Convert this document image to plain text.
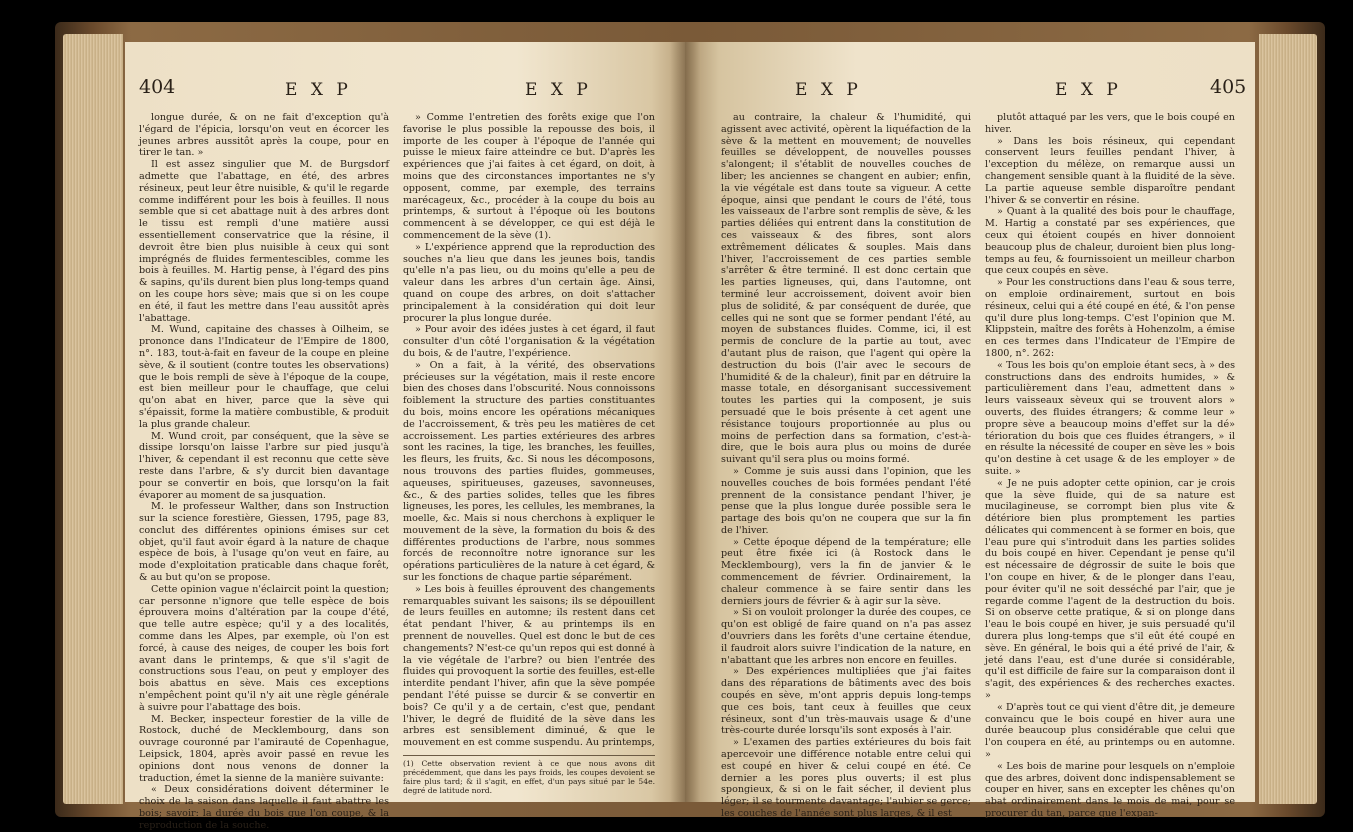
404	E X P	E X P

longue durée, & on ne fait d'exception qu'à l'égard de l'épicia, lorsqu'on veut en écorcer les jeunes arbres aussitôt après la coupe, pour en tirer le tan. »

Il est assez singulier que M. de Burgsdorf admette que l'abattage, en été, des arbres résineux, peut leur être nuisible, & qu'il le regarde comme indifférent pour les bois à feuilles. Il nous semble que si cet abattage nuit à des arbres dont le tissu est rempli d'une matière aussi essentiellement conservatrice que la résine, il devroit être bien plus nuisible à ceux qui sont imprégnés de fluides fermentescibles, comme les bois à feuilles. M. Hartig pense, à l'égard des pins & sapins, qu'ils durent bien plus long-temps quand on les coupe hors sève; mais que si on les coupe en été, il faut les mettre dans l'eau aussitôt après l'abattage.

M. Wund, capitaine des chasses à Oilheim, se prononce dans l'Indicateur de l'Empire de 1800, n°. 183, tout-à-fait en faveur de la coupe en pleine sève, & il soutient (contre toutes les observations) que le bois rempli de sève à l'époque de la coupe, est bien meilleur pour le chauffage, que celui qu'on abat en hiver, parce que la sève qui s'épaissit, forme la matière combustible, & produit la plus grande chaleur.

M. Wund croit, par conséquent, que la sève se dissipe lorsqu'on laisse l'arbre sur pied jusqu'à l'hiver, & cependant il est reconnu que cette sève reste dans l'arbre, & s'y durcit bien davantage pour se convertir en bois, que lorsqu'on la fait évaporer au moment de sa jusquation.

M. le professeur Walther, dans son Instruction sur la science forestière, Giessen, 1795, page 83, conclut des différentes opinions émises sur cet objet, qu'il faut avoir égard à la nature de chaque espèce de bois, à l'usage qu'on veut en faire, au mode d'exploitation praticable dans chaque forêt, & au but qu'on se propose.

Cette opinion vague n'éclaircit point la question; car personne n'ignore que telle espèce de bois éprouvera moins d'altération par la coupe d'été, que telle autre espèce; qu'il y a des localités, comme dans les Alpes, par exemple, où l'on est forcé, à cause des neiges, de couper les bois fort avant dans le printemps, & que s'il s'agit de constructions sous l'eau, on peut y employer des bois abattus en sève. Mais ces exceptions n'empêchent point qu'il n'y ait une règle générale à suivre pour l'abattage des bois.

M. Becker, inspecteur forestier de la ville de Rostock, duché de Mecklembourg, dans son ouvrage couronné par l'amirauté de Copenhague, Leipsick, 1804, après avoir passé en revue les opinions dont nous venons de donner la traduction, émet la sienne de la manière suivante:

« Deux considérations doivent déterminer le choix de la saison dans laquelle il faut abattre les bois; savoir: la durée du bois que l'on coupe, & la reproduction de la souche.

» Comme l'entretien des forêts exige que l'on favorise le plus possible la repousse des bois, il importe de les couper à l'époque de l'année qui puisse le mieux faire atteindre ce but. D'après les expériences que j'ai faites à cet égard, on doit, à moins que des circonstances importantes ne s'y opposent, comme, par exemple, des terrains marécageux, &c., procéder à la coupe du bois au printemps, & surtout à l'époque où les boutons commencent à se développer, ce qui est déjà le commencement de la sève (1).

» L'expérience apprend que la reproduction des souches n'a lieu que dans les jeunes bois, tandis qu'elle n'a pas lieu, ou du moins qu'elle a peu de valeur dans les arbres d'un certain âge. Ainsi, quand on coupe des arbres, on doit s'attacher principalement à la considération qui doit leur procurer la plus longue durée.

» Pour avoir des idées justes à cet égard, il faut consulter d'un côté l'organisation & la végétation du bois, & de l'autre, l'expérience.

» On a fait, à la vérité, des observations précieuses sur la végétation, mais il reste encore bien des choses dans l'obscurité. Nous connoissons foiblement la structure des parties constituantes du bois, moins encore les opérations mécaniques de l'accroissement, & très peu les matières de cet accroissement. Les parties extérieures des arbres sont les racines, la tige, les branches, les feuilles, les fleurs, les fruits, &c. Si nous les décomposons, nous trouvons des parties fluides, gommeuses, aqueuses, spiritueuses, gazeuses, savonneuses, &c., & des parties solides, telles que les fibres ligneuses, les pores, les cellules, les membranes, la moelle, &c. Mais si nous cherchons à expliquer le mouvement de la sève, la formation du bois & des différentes productions de l'arbre, nous sommes forcés de reconnoître notre ignorance sur les opérations particulières de la nature à cet égard, & sur les fonctions de chaque partie séparément.

» Les bois à feuilles éprouvent des changements remarquables suivant les saisons; ils se dépouillent de leurs feuilles en automne; ils restent dans cet état pendant l'hiver, & au printemps ils en prennent de nouvelles. Quel est donc le but de ces changements? N'est-ce qu'un repos qui est donné à la vie végétale de l'arbre? ou bien l'entrée des fluides qui provoquent la sortie des feuilles, est-elle interdite pendant l'hiver, afin que la sève pompée pendant l'été puisse se durcir & se convertir en bois? Ce qu'il y a de certain, c'est que, pendant l'hiver, le degré de fluidité de la sève dans les arbres est sensiblement diminué, & que le mouvement en est comme suspendu. Au printemps,

(1) Cette observation revient à ce que nous avons dit précédemment, que dans les pays froids, les coupes devoient se faire plus tard; & il s'agit, en effet, d'un pays situé par le 54e. degré de latitude nord.
E X P	E X P	405

au contraire, la chaleur & l'humidité, qui agissent avec activité, opèrent la liquéfaction de la sève & la mettent en mouvement; de nouvelles feuilles se développent, de nouvelles pousses s'alongent; il s'établit de nouvelles couches de liber; les anciennes se changent en aubier; enfin, la vie végétale est dans toute sa vigueur. A cette époque, ainsi que pendant le cours de l'été, tous les vaisseaux de l'arbre sont remplis de sève, & les parties déliées qui entrent dans la constitution de ces vaisseaux & des fibres, sont alors extrêmement délicates & souples. Mais dans l'hiver, l'accroissement de ces parties semble s'arrêter & être terminé. Il est donc certain que les parties ligneuses, qui, dans l'automne, ont terminé leur accroissement, doivent avoir bien plus de solidité, & par conséquent de durée, que celles qui ne sont que se former pendant l'été, au moyen de substances fluides. Comme, ici, il est permis de conclure de la partie au tout, avec d'autant plus de raison, que l'agent qui opère la destruction du bois (l'air avec le secours de l'humidité & de la chaleur), finit par en détruire la masse totale, en désorganisant successivement toutes les parties qui la composent, je suis persuadé que le bois présente à cet agent une résistance toujours proportionnée au plus ou moins de perfection dans sa formation, c'est-à-dire, que le bois aura plus ou moins de durée suivant qu'il sera plus ou moins formé.

» Comme je suis aussi dans l'opinion, que les nouvelles couches de bois formées pendant l'été prennent de la consistance pendant l'hiver, je pense que la plus longue durée possible sera le partage des bois qu'on ne coupera que sur la fin de l'hiver.

» Cette époque dépend de la température; elle peut être fixée ici (à Rostock dans le Mecklembourg), vers la fin de janvier & le commencement de février. Ordinairement, la chaleur commence à se faire sentir dans les derniers jours de février & à agir sur la sève.

» Si on vouloit prolonger la durée des coupes, ce qu'on est obligé de faire quand on n'a pas assez d'ouvriers dans les forêts d'une certaine étendue, il faudroit alors suivre l'indication de la nature, en n'abattant que les arbres non encore en feuilles.

» Des expériences multipliées que j'ai faites dans des réparations de bâtiments avec des bois coupés en sève, m'ont appris depuis long-temps que ces bois, tant ceux à feuilles que ceux résineux, sont d'un très-mauvais usage & d'une très-courte durée lorsqu'ils sont exposés à l'air.

» L'examen des parties extérieures du bois fait apercevoir une différence notable entre celui qui est coupé en hiver & celui coupé en été. Ce dernier a les pores plus ouverts; il est plus spongieux, & si on le fait sécher, il devient plus léger; il se tourmente davantage; l'aubier se gerce; les couches de l'année sont plus larges, & il est

plutôt attaqué par les vers, que le bois coupé en hiver.

» Dans les bois résineux, qui cependant conservent leurs feuilles pendant l'hiver, à l'exception du mélèze, on remarque aussi un changement sensible quant à la fluidité de la sève. La partie aqueuse semble disparoître pendant l'hiver & se convertir en résine.

» Quant à la qualité des bois pour le chauffage, M. Hartig a constaté par ses expériences, que ceux qui étoient coupés en hiver donnoient beaucoup plus de chaleur, duroient bien plus long-temps au feu, & fournissoient un meilleur charbon que ceux coupés en sève.

» Pour les constructions dans l'eau & sous terre, on emploie ordinairement, surtout en bois résineux, celui qui a été coupé en été, & l'on pense qu'il dure plus long-temps. C'est l'opinion que M. Klippstein, maître des forêts à Hohenzolm, a émise en ces termes dans l'Indicateur de l'Empire de 1800, n°. 262:

« Tous les bois qu'on emploie étant secs, à » des constructions dans des endroits humides, » & particulièrement dans l'eau, admettent dans » leurs vaisseaux sèveux qui se trouvent alors » ouverts, des fluides étrangers; & comme leur » propre sève a beaucoup moins d'effet sur la dé» térioration du bois que ces fluides étrangers, » il en résulte la nécessité de couper en sève les » bois qu'on destine à cet usage & de les employer » de suite. »

« Je ne puis adopter cette opinion, car je crois que la sève fluide, qui de sa nature est mucilagineuse, se corrompt bien plus vite & détériore bien plus promptement les parties délicates qui commencent à se former en bois, que l'eau pure qui s'introduit dans les parties solides du bois coupé en hiver. Cependant je pense qu'il est nécessaire de dégrossir de suite le bois que l'on coupe en hiver, & de le plonger dans l'eau, pour éviter qu'il ne soit desséché par l'air, que je regarde comme l'agent de la destruction du bois. Si on observe cette pratique, & si on plonge dans l'eau le bois coupé en hiver, je suis persuadé qu'il durera plus long-temps que s'il eût été coupé en sève. En général, le bois qui a été privé de l'air, & jeté dans l'eau, est d'une durée si considérable, qu'il est difficile de faire sur la comparaison dont il s'agit, des expériences & des recherches exactes. »

« D'après tout ce qui vient d'être dit, je demeure convaincu que le bois coupé en hiver aura une durée beaucoup plus considérable que celui que l'on coupera en été, au printemps ou en automne. »

« Les bois de marine pour lesquels on n'emploie que des arbres, doivent donc indispensablement se couper en hiver, sans en excepter les chênes qu'on abat ordinairement dans le mois de mai, pour se procurer du tan, parce que l'expan-
